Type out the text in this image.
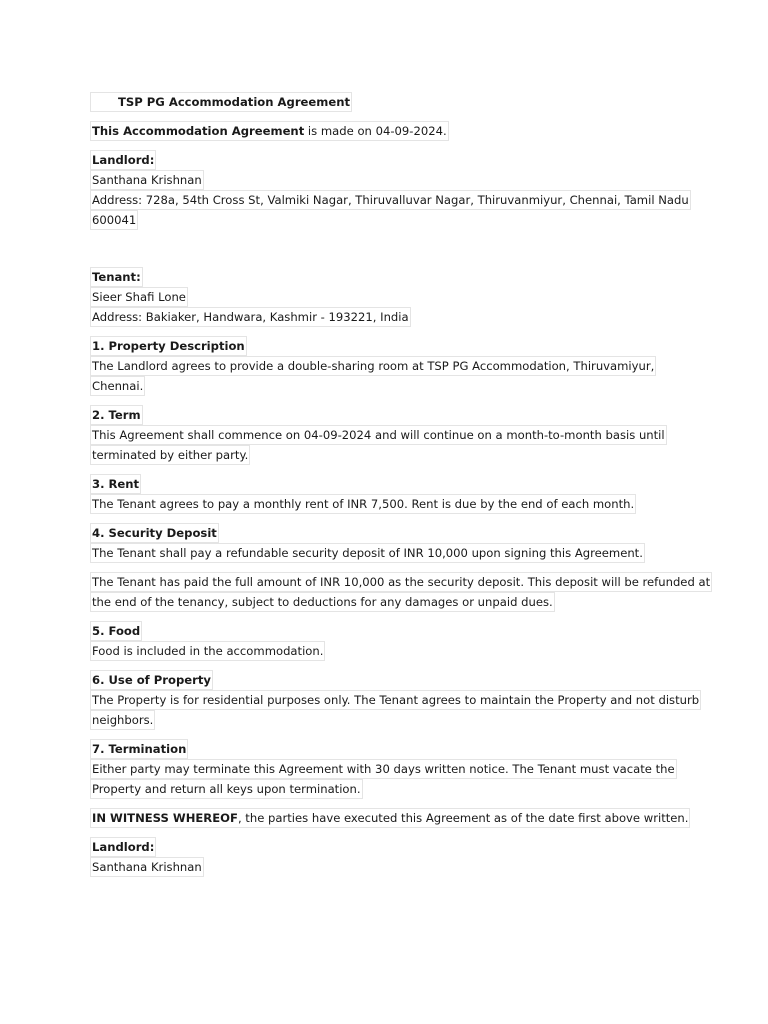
TSP PG Accommodation Agreement
This Accommodation Agreement is made on 04-09-2024.
Landlord:
Santhana Krishnan
Address: 728a, 54th Cross St, Valmiki Nagar, Thiruvalluvar Nagar, Thiruvanmiyur, Chennai, Tamil Nadu
600041
Tenant:
Sieer Shafi Lone
Address: Bakiaker, Handwara, Kashmir - 193221, India
1. Property Description
The Landlord agrees to provide a double-sharing room at TSP PG Accommodation, Thiruvamiyur,
Chennai.
2. Term
This Agreement shall commence on 04-09-2024 and will continue on a month-to-month basis until
terminated by either party.
3. Rent
The Tenant agrees to pay a monthly rent of INR 7,500. Rent is due by the end of each month.
4. Security Deposit
The Tenant shall pay a refundable security deposit of INR 10,000 upon signing this Agreement.
The Tenant has paid the full amount of INR 10,000 as the security deposit. This deposit will be refunded at
the end of the tenancy, subject to deductions for any damages or unpaid dues.
5. Food
Food is included in the accommodation.
6. Use of Property
The Property is for residential purposes only. The Tenant agrees to maintain the Property and not disturb
neighbors.
7. Termination
Either party may terminate this Agreement with 30 days written notice. The Tenant must vacate the
Property and return all keys upon termination.
IN WITNESS WHEREOF, the parties have executed this Agreement as of the date first above written.
Landlord:
Santhana Krishnan
